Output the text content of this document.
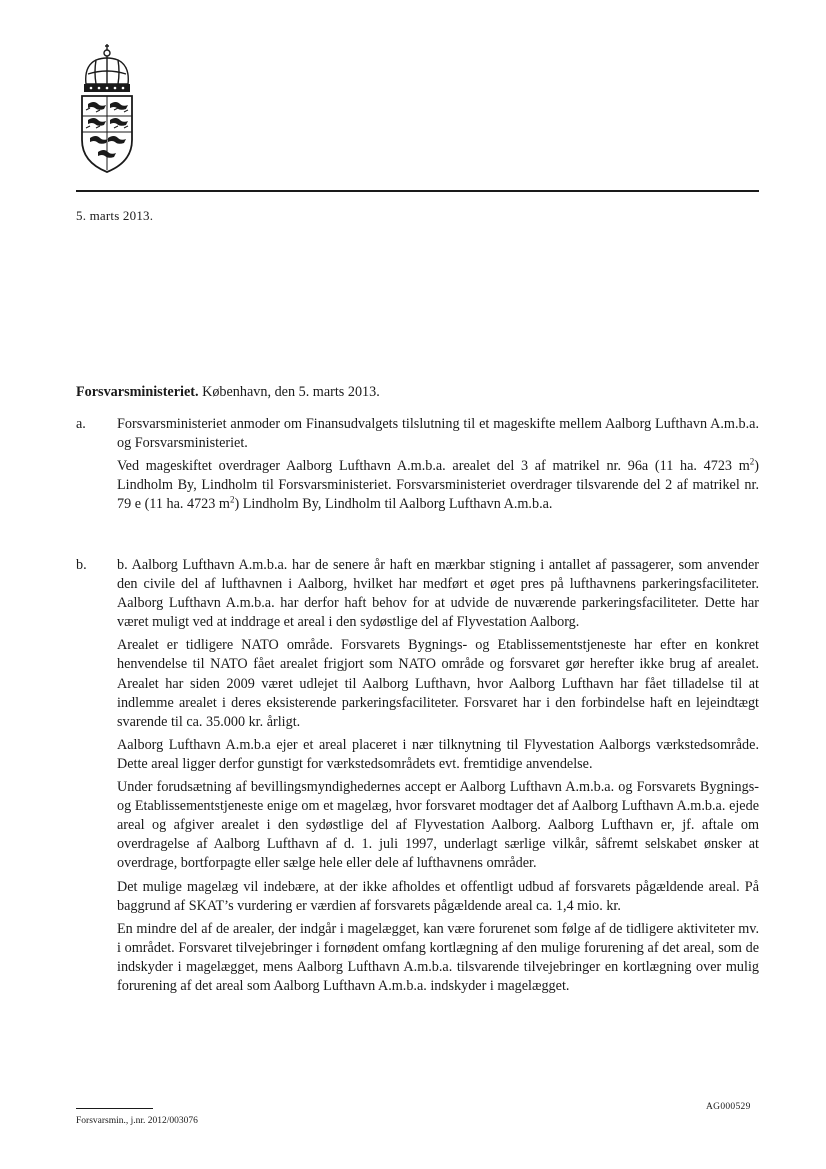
5. marts 2013.
Forsvarsministeriet. København, den 5. marts 2013.
a.	Forsvarsministeriet anmoder om Finansudvalgets tilslutning til et mageskifte mellem Aalborg Lufthavn A.m.b.a. og Forsvarsministeriet.

Ved mageskiftet overdrager Aalborg Lufthavn A.m.b.a. arealet del 3 af matrikel nr. 96a (11 ha. 4723 $m^2$) Lindholm By, Lindholm til Forsvarsministeriet. Forsvarsministeriet overdrager tilsvarende del 2 af matrikel nr. 79 e (11 ha. 4723 $m^2$) Lindholm By, Lindholm til Aalborg Lufthavn A.m.b.a.

b.	b. Aalborg Lufthavn A.m.b.a. har de senere år haft en mærkbar stigning i antallet af passagerer, som anvender den civile del af lufthavnen i Aalborg, hvilket har medført et øget pres på lufthavnens parkeringsfaciliteter. Aalborg Lufthavn A.m.b.a. har derfor haft behov for at udvide de nuværende parkeringsfaciliteter. Dette har været muligt ved at inddrage et areal i den sydøstlige del af Flyvestation Aalborg.

Arealet er tidligere NATO område. Forsvarets Bygnings- og Etablissementstjeneste har efter en konkret henvendelse til NATO fået arealet frigjort som NATO område og forsvaret gør herefter ikke brug af arealet. Arealet har siden 2009 været udlejet til Aalborg Lufthavn, hvor Aalborg Lufthavn har fået tilladelse til at indlemme arealet i deres eksisterende parkeringsfaciliteter. Forsvaret har i den forbindelse haft en lejeindtægt svarende til ca. 35.000 kr. årligt.

Aalborg Lufthavn A.m.b.a ejer et areal placeret i nær tilknytning til Flyvestation Aalborgs værkstedsområde. Dette areal ligger derfor gunstigt for værkstedsområdets evt. fremtidige anvendelse.

Under forudsætning af bevillingsmyndighedernes accept er Aalborg Lufthavn A.m.b.a. og Forsvarets Bygnings- og Etablissementstjeneste enige om et magelæg, hvor forsvaret modtager det af Aalborg Lufthavn A.m.b.a. ejede areal og afgiver arealet i den sydøstlige del af Flyvestation Aalborg. Aalborg Lufthavn er, jf. aftale om overdragelse af Aalborg Lufthavn af d. 1. juli 1997, underlagt særlige vilkår, såfremt selskabet ønsker at overdrage, bortforpagte eller sælge hele eller dele af lufthavnens områder.

Det mulige magelæg vil indebære, at der ikke afholdes et offentligt udbud af forsvarets pågældende areal. På baggrund af SKAT’s vurdering er værdien af forsvarets pågældende areal ca. 1,4 mio. kr.

En mindre del af de arealer, der indgår i magelægget, kan være forurenet som følge af de tidligere aktiviteter mv. i området. Forsvaret tilvejebringer i fornødent omfang kortlægning af den mulige forurening af det areal, som de indskyder i magelægget, mens Aalborg Lufthavn A.m.b.a. tilsvarende tilvejebringer en kortlægning over mulig forurening af det areal som Aalborg Lufthavn A.m.b.a. indskyder i magelægget.

AG000529
Forsvarsmin., j.nr. 2012/003076
